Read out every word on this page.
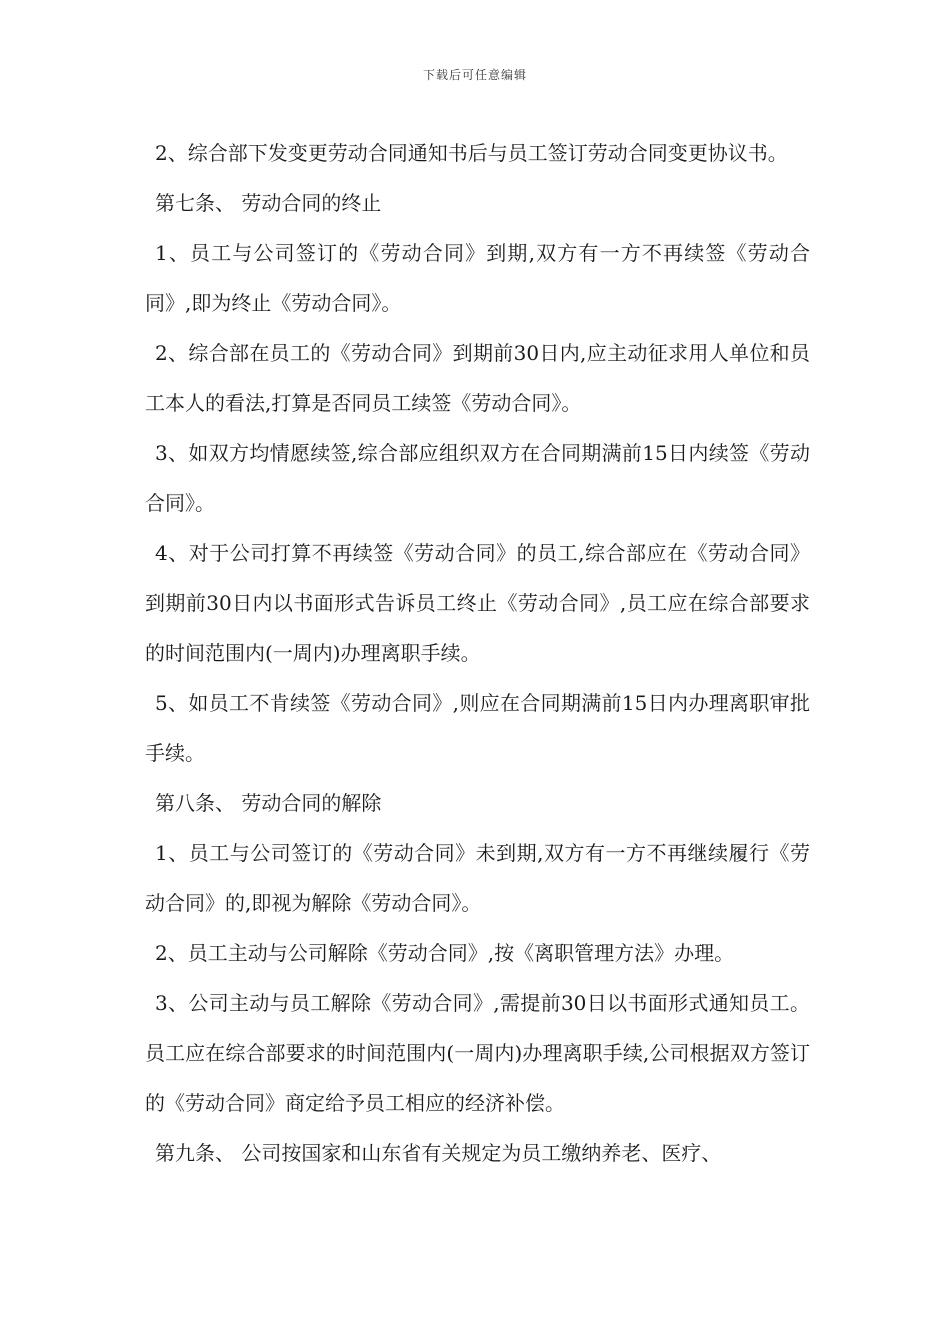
下载后可任意编辑

2、综合部下发变更劳动合同通知书后与员工签订劳动合同变更协议书。

第七条、 劳动合同的终止

1、员工与公司签订的《劳动合同》到期,双方有一方不再续签《劳动合同》,即为终止《劳动合同》。

2、综合部在员工的《劳动合同》到期前30日内,应主动征求用人单位和员工本人的看法,打算是否同员工续签《劳动合同》。

3、如双方均情愿续签,综合部应组织双方在合同期满前15日内续签《劳动合同》。

4、对于公司打算不再续签《劳动合同》的员工,综合部应在《劳动合同》到期前30日内以书面形式告诉员工终止《劳动合同》,员工应在综合部要求的时间范围内(一周内)办理离职手续。

5、如员工不肯续签《劳动合同》,则应在合同期满前15日内办理离职审批手续。

第八条、 劳动合同的解除

1、员工与公司签订的《劳动合同》未到期,双方有一方不再继续履行《劳动合同》的,即视为解除《劳动合同》。

2、员工主动与公司解除《劳动合同》,按《离职管理方法》办理。

3、公司主动与员工解除《劳动合同》,需提前30日以书面形式通知员工。员工应在综合部要求的时间范围内(一周内)办理离职手续,公司根据双方签订的《劳动合同》商定给予员工相应的经济补偿。

第九条、 公司按国家和山东省有关规定为员工缴纳养老、医疗、
